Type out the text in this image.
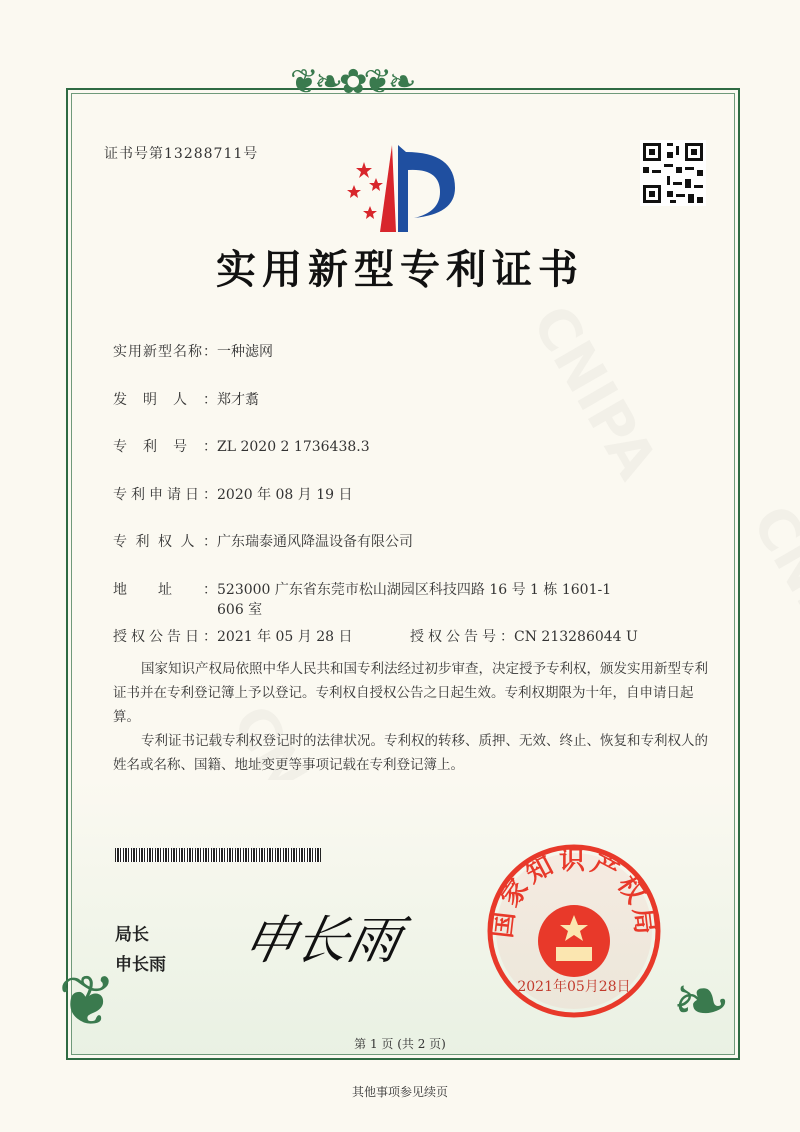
❦❧✿❦❧
❦	❧
证书号第13288711号
实用新型专利证书
实用新型名称：一种滤网
发明人：郑才翥
专利号：ZL 2020 2 1736438.3
专利申请日：2020 年 08 月 19 日
专利权人：广东瑞泰通风降温设备有限公司
地址：523000 广东省东莞市松山湖园区科技四路 16 号 1 栋 1601-1
606 室
授权公告日：2021 年 05 月 28 日	授权公告号：CN 213286044 U
国家知识产权局依照中华人民共和国专利法经过初步审查，决定授予专利权，颁发实用新型专利证书并在专利登记簿上予以登记。专利权自授权公告之日起生效。专利权期限为十年，自申请日起算。
专利证书记载专利权登记时的法律状况。专利权的转移、质押、无效、终止、恢复和专利权人的姓名或名称、国籍、地址变更等事项记载在专利登记簿上。
局长
申长雨 申长雨	国家知识产权局
2021年05月28日
第 1 页 (共 2 页)
其他事项参见续页
